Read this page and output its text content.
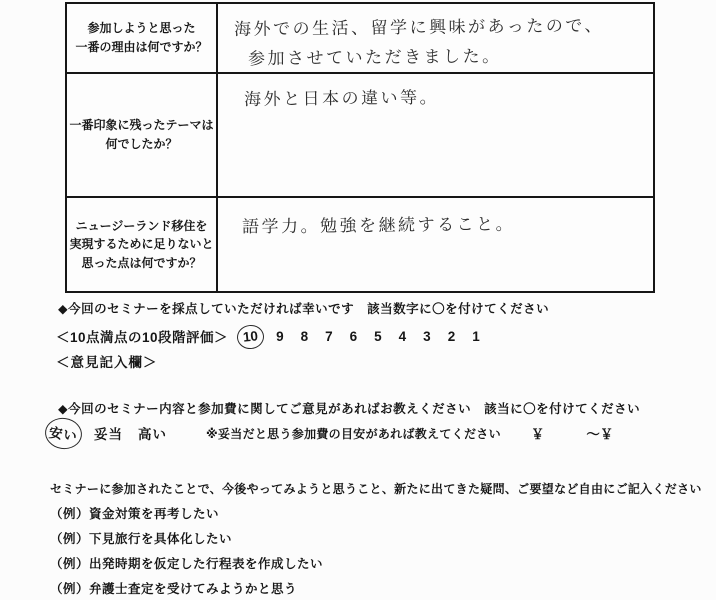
参加しようと思った
一番の理由は何ですか？
海外での生活、留学に興味があったので、
参加させていただきました。
一番印象に残ったテーマは
何でしたか？
海外と日本の違い等。
ニュージーランド移住を
実現するために足りないと
思った点は何ですか？
語学力。勉強を継続すること。
◆今回のセミナーを採点していただければ幸いです　該当数字に〇を付けてください
＜10点満点の10段階評価＞ 10 9 8 7 6 5 4 3 2 1
＜意見記入欄＞
◆今回のセミナー内容と参加費に関してご意見があればお教えください　該当に〇を付けてください
安い 妥当 高い	※妥当だと思う参加費の目安があれば教えてください ￥	～￥
セミナーに参加されたことで、今後やってみようと思うこと、新たに出てきた疑問、ご要望など自由にご記入ください
（例）資金対策を再考したい
（例）下見旅行を具体化したい
（例）出発時期を仮定した行程表を作成したい
（例）弁護士査定を受けてみようかと思う
